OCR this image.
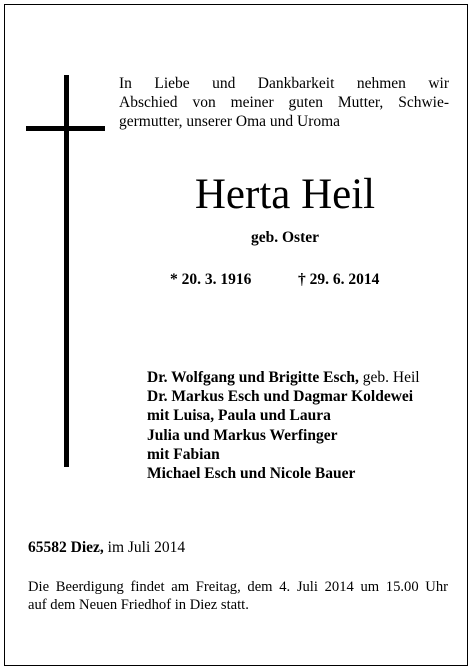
In Liebe und Dankbarkeit nehmen wir
Abschied von meiner guten Mutter, Schwie-
germutter, unserer Oma und Uroma
Herta Heil
geb. Oster
* 20. 3. 1916	† 29. 6. 2014
Dr. Wolfgang und Brigitte Esch, geb. Heil
Dr. Markus Esch und Dagmar Koldewei
mit Luisa, Paula und Laura
Julia und Markus Werfinger
mit Fabian
Michael Esch und Nicole Bauer
65582 Diez, im Juli 2014
Die Beerdigung findet am Freitag, dem 4. Juli 2014 um 15.00 Uhr
auf dem Neuen Friedhof in Diez statt.
